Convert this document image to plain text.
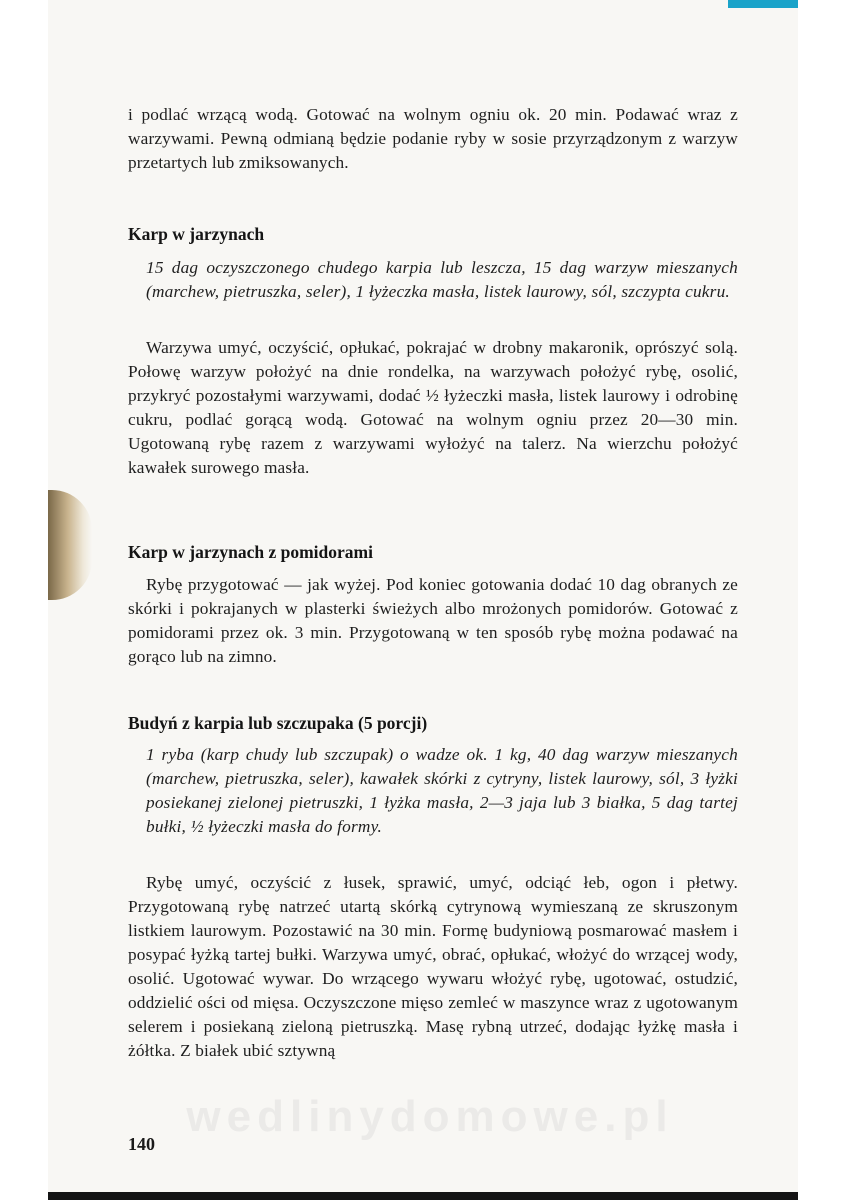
i podlać wrzącą wodą. Gotować na wolnym ogniu ok. 20 min. Podawać wraz z warzywami. Pewną odmianą będzie podanie ryby w sosie przyrządzonym z warzyw przetartych lub zmiksowanych.
Karp w jarzynach
15 dag oczyszczonego chudego karpia lub leszcza, 15 dag warzyw mieszanych (marchew, pietruszka, seler), 1 łyżeczka masła, listek laurowy, sól, szczypta cukru.
Warzywa umyć, oczyścić, opłukać, pokrajać w drobny makaronik, oprószyć solą. Połowę warzyw położyć na dnie rondelka, na warzywach położyć rybę, osolić, przykryć pozostałymi warzywami, dodać ½ łyżeczki masła, listek laurowy i odrobinę cukru, podlać gorącą wodą. Gotować na wolnym ogniu przez 20—30 min. Ugotowaną rybę razem z warzywami wyłożyć na talerz. Na wierzchu położyć kawałek surowego masła.
Karp w jarzynach z pomidorami
Rybę przygotować — jak wyżej. Pod koniec gotowania dodać 10 dag obranych ze skórki i pokrajanych w plasterki świeżych albo mrożonych pomidorów. Gotować z pomidorami przez ok. 3 min. Przygotowaną w ten sposób rybę można podawać na gorąco lub na zimno.
Budyń z karpia lub szczupaka (5 porcji)
1 ryba (karp chudy lub szczupak) o wadze ok. 1 kg, 40 dag warzyw mieszanych (marchew, pietruszka, seler), kawałek skórki z cytryny, listek laurowy, sól, 3 łyżki posiekanej zielonej pietruszki, 1 łyżka masła, 2—3 jaja lub 3 białka, 5 dag tartej bułki, ½ łyżeczki masła do formy.
Rybę umyć, oczyścić z łusek, sprawić, umyć, odciąć łeb, ogon i płetwy. Przygotowaną rybę natrzeć utartą skórką cytrynową wymieszaną ze skruszonym listkiem laurowym. Pozostawić na 30 min. Formę budyniową posmarować masłem i posypać łyżką tartej bułki. Warzywa umyć, obrać, opłukać, włożyć do wrzącej wody, osolić. Ugotować wywar. Do wrzącego wywaru włożyć rybę, ugotować, ostudzić, oddzielić ości od mięsa. Oczyszczone mięso zemleć w maszynce wraz z ugotowanym selerem i posiekaną zieloną pietruszką. Masę rybną utrzeć, dodając łyżkę masła i żółtka. Z białek ubić sztywną
wedlinydomowe.pl
140
